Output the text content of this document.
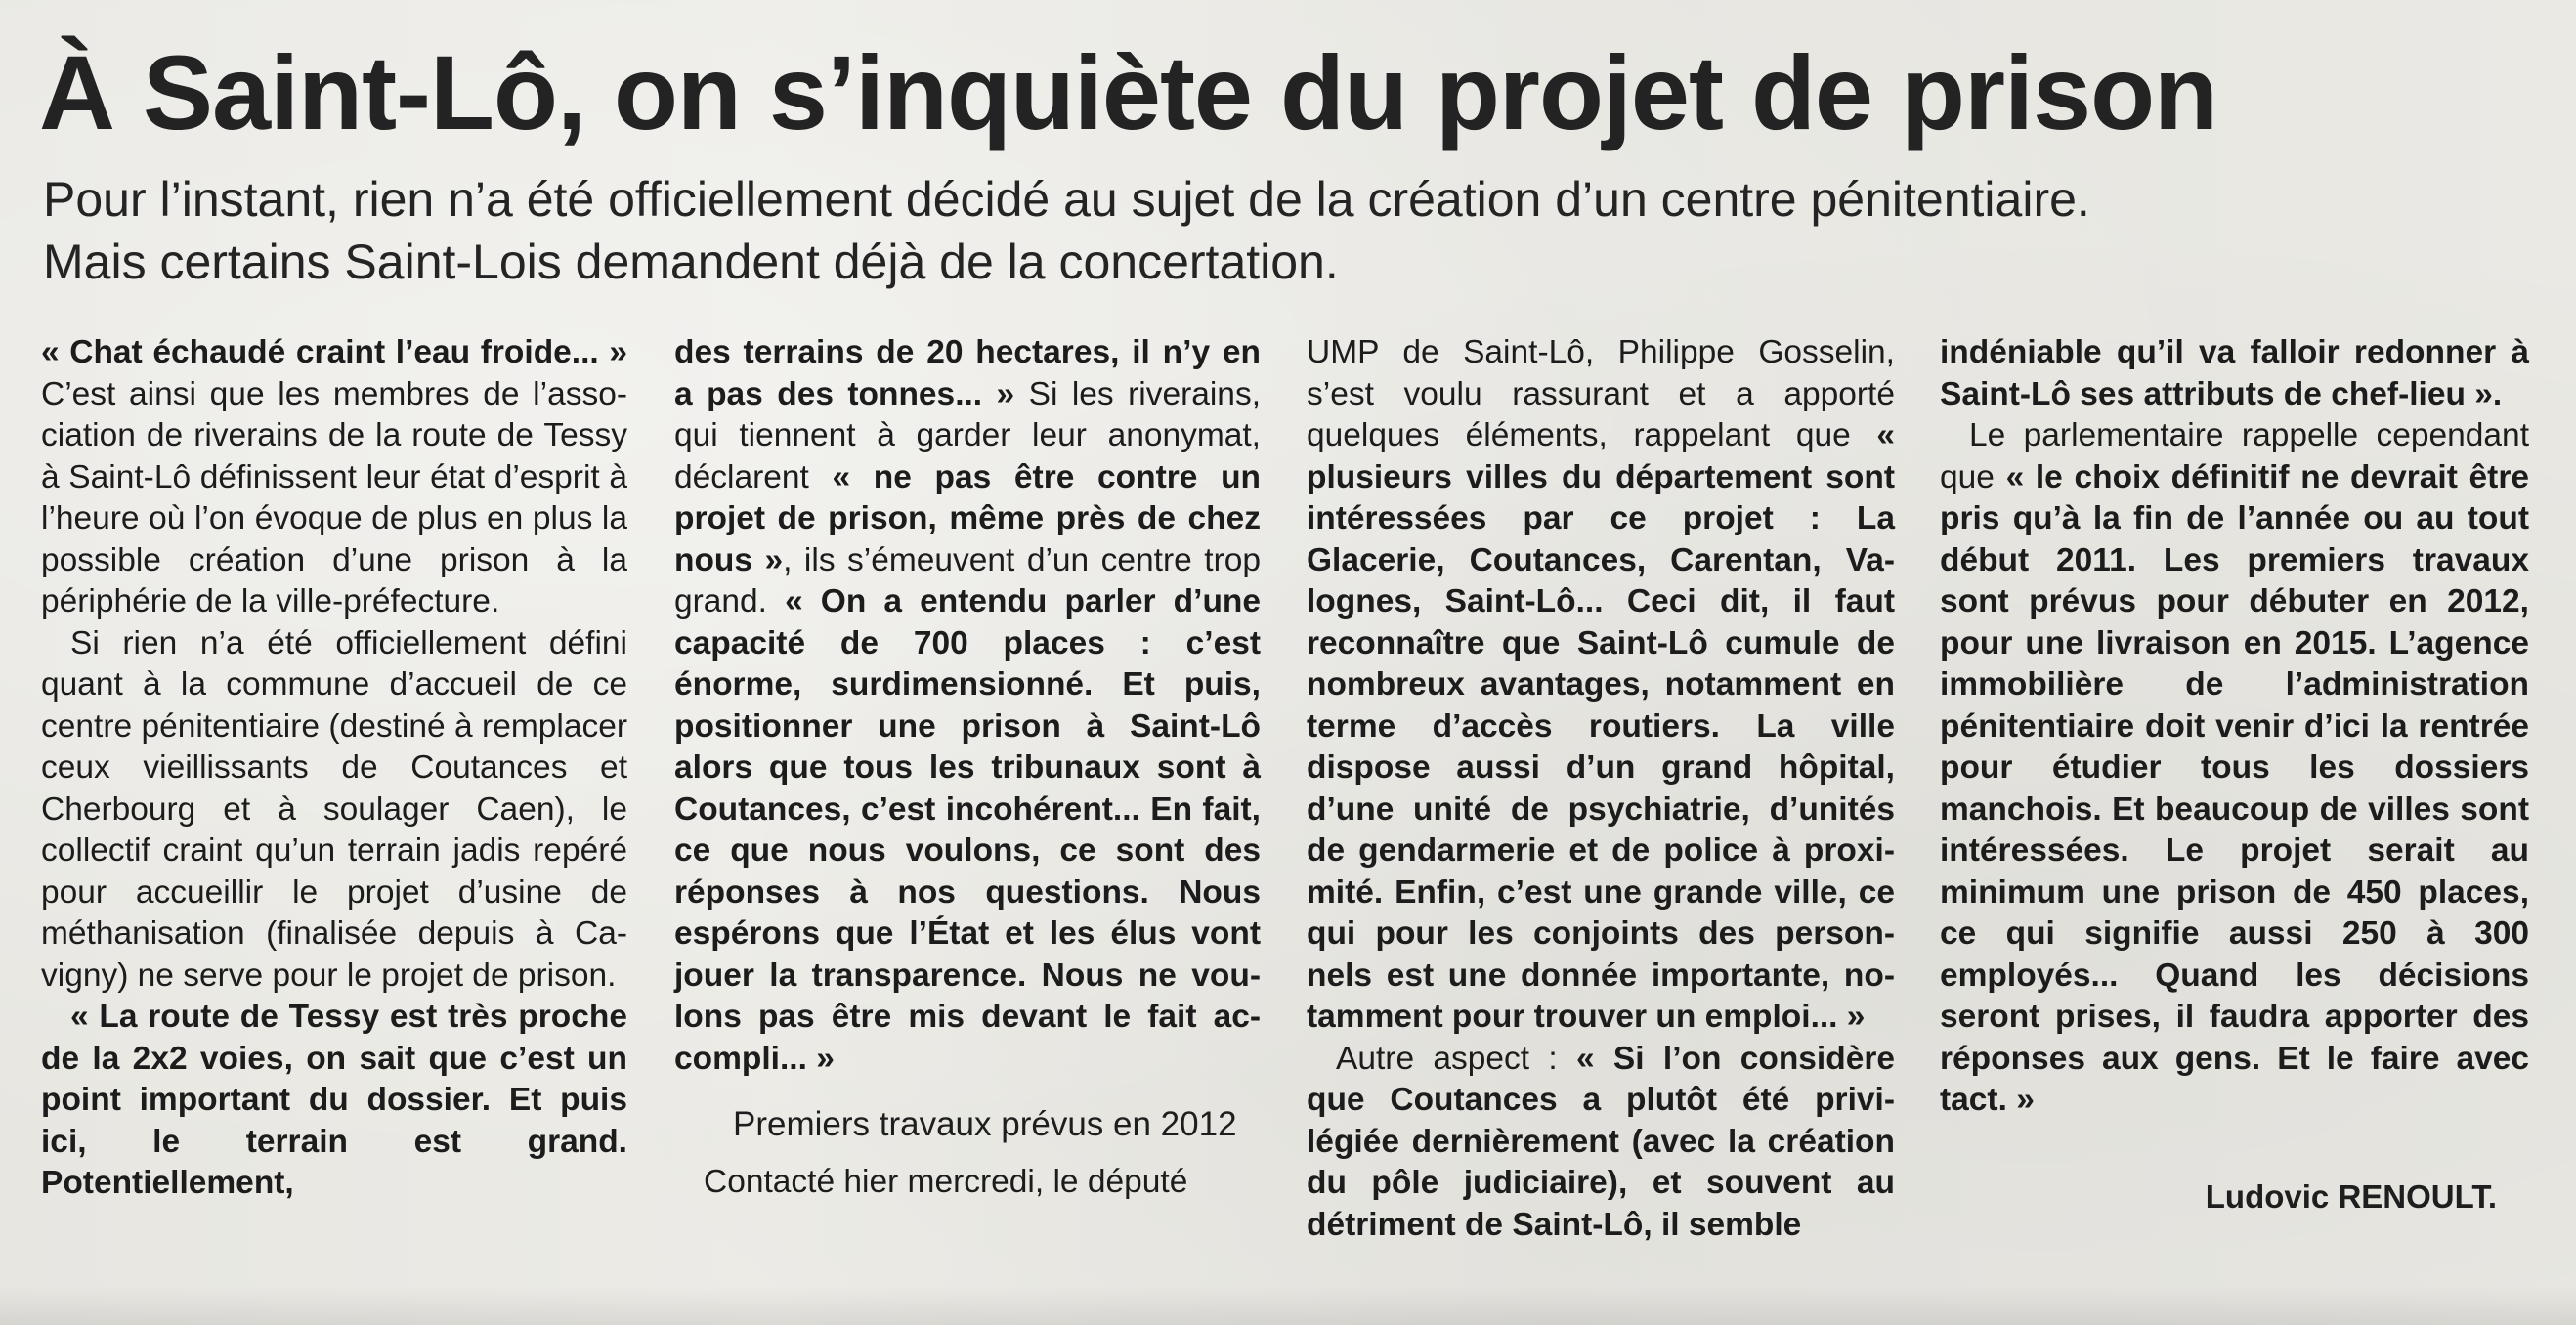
À Saint-Lô, on s’inquiète du projet de prison
Pour l’instant, rien n’a été officiellement décidé au sujet de la création d’un centre pénitentiaire.
Mais certains Saint-Lois demandent déjà de la concertation.

« Chat échaudé craint l’eau froide... » C’est ainsi que les membres de l’association de riverains de la route de Tessy à Saint-Lô définissent leur état d’esprit à l’heure où l’on évoque de plus en plus la possible création d’une prison à la périphérie de la ville-préfecture.

Si rien n’a été officiellement défini quant à la commune d’accueil de ce centre pénitentiaire (destiné à remplacer ceux vieillissants de Coutances et Cherbourg et à soulager Caen), le collectif craint qu’un terrain jadis repéré pour accueillir le projet d’usine de méthanisation (finalisée depuis à Cavigny) ne serve pour le projet de prison.

« La route de Tessy est très proche de la 2x2 voies, on sait que c’est un point important du dossier. Et puis ici, le terrain est grand. Potentiellement,

des terrains de 20 hectares, il n’y en a pas des tonnes... » Si les riverains, qui tiennent à garder leur anonymat, déclarent « ne pas être contre un projet de prison, même près de chez nous », ils s’émeuvent d’un centre trop grand. « On a entendu parler d’une capacité de 700 places : c’est énorme, surdimensionné. Et puis, positionner une prison à Saint-Lô alors que tous les tribunaux sont à Coutances, c’est incohérent... En fait, ce que nous voulons, ce sont des réponses à nos questions. Nous espérons que l’État et les élus vont jouer la transparence. Nous ne voulons pas être mis devant le fait accompli... »

Premiers travaux prévus en 2012

Contacté hier mercredi, le député

UMP de Saint-Lô, Philippe Gosselin, s’est voulu rassurant et a apporté quelques éléments, rappelant que « plusieurs villes du département sont intéressées par ce projet : La Glacerie, Coutances, Carentan, Valognes, Saint-Lô... Ceci dit, il faut reconnaître que Saint-Lô cumule de nombreux avantages, notamment en terme d’accès routiers. La ville dispose aussi d’un grand hôpital, d’une unité de psychiatrie, d’unités de gendarmerie et de police à proximité. Enfin, c’est une grande ville, ce qui pour les conjoints des personnels est une donnée importante, notamment pour trouver un emploi... »

Autre aspect : « Si l’on considère que Coutances a plutôt été privilégiée dernièrement (avec la création du pôle judiciaire), et souvent au détriment de Saint-Lô, il semble

indéniable qu’il va falloir redonner à Saint-Lô ses attributs de chef-lieu ».

Le parlementaire rappelle cependant que « le choix définitif ne devrait être pris qu’à la fin de l’année ou au tout début 2011. Les premiers travaux sont prévus pour débuter en 2012, pour une livraison en 2015. L’agence immobilière de l’administration pénitentiaire doit venir d’ici la rentrée pour étudier tous les dossiers manchois. Et beaucoup de villes sont intéressées. Le projet serait au minimum une prison de 450 places, ce qui signifie aussi 250 à 300 employés... Quand les décisions seront prises, il faudra apporter des réponses aux gens. Et le faire avec tact. »

Ludovic RENOULT.
